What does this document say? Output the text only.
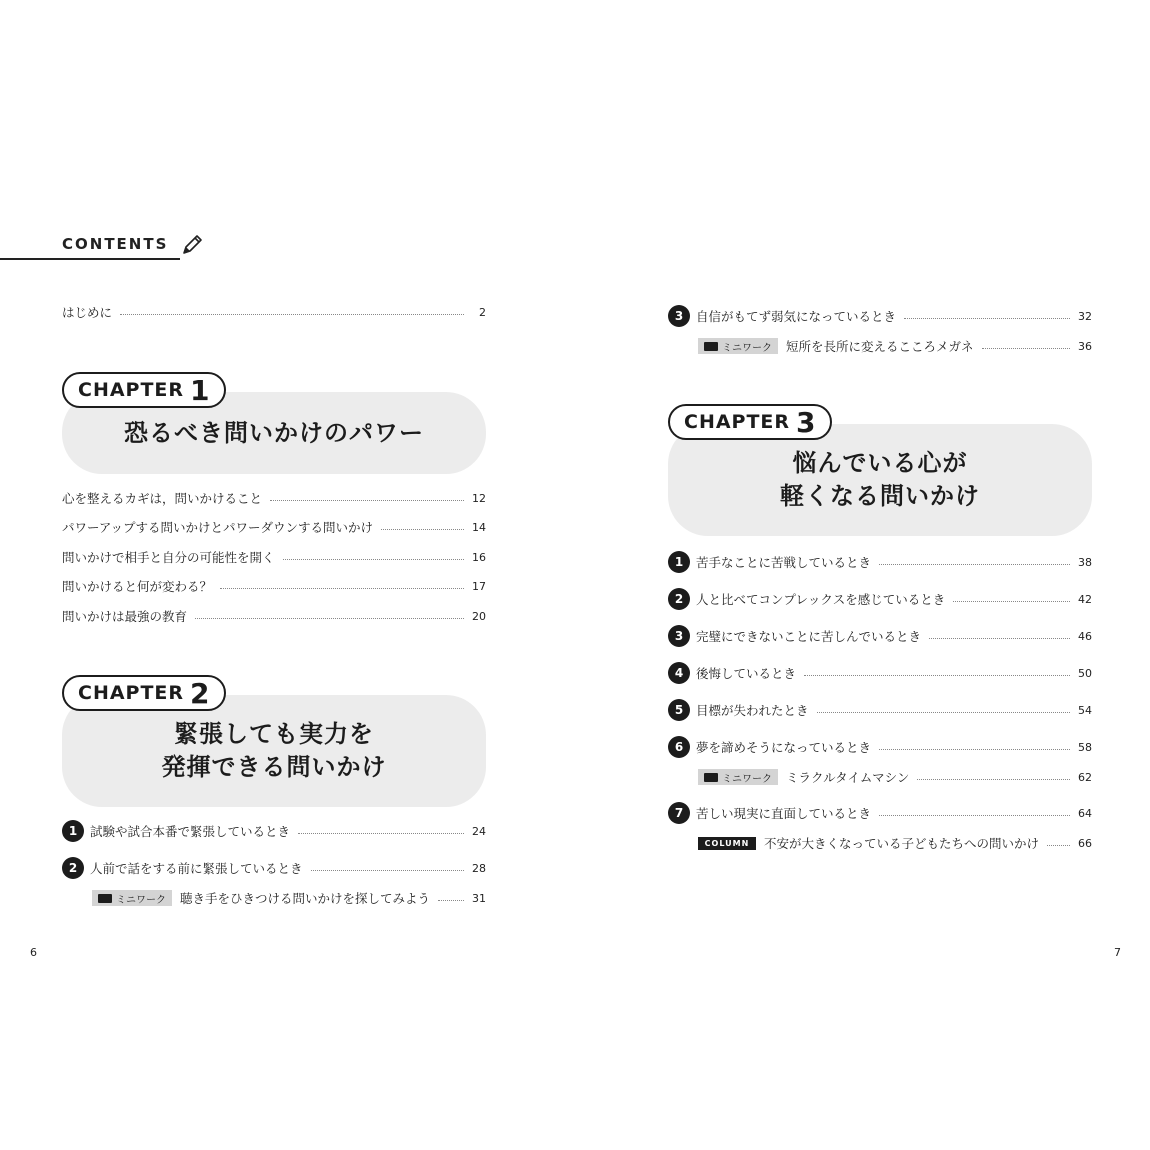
CONTENTS
はじめに	2
恐るべき問いかけのパワー
CHAPTER 1
心を整えるカギは，問いかけること	12
パワーアップする問いかけとパワーダウンする問いかけ	14
問いかけで相手と自分の可能性を開く	16
問いかけると何が変わる？	17
問いかけは最強の教育	20
緊張しても実力を
発揮できる問いかけ
CHAPTER 2
1	試験や試合本番で緊張しているとき	24
2	人前で話をする前に緊張しているとき	28
ミニワーク 聴き手をひきつける問いかけを探してみよう	31
3	自信がもてず弱気になっているとき	32
ミニワーク 短所を長所に変えるこころメガネ	36
悩んでいる心が
軽くなる問いかけ
CHAPTER 3
1	苦手なことに苦戦しているとき	38
2	人と比べてコンプレックスを感じているとき	42
3	完璧にできないことに苦しんでいるとき	46
4	後悔しているとき	50
5	目標が失われたとき	54
6	夢を諦めそうになっているとき	58
ミニワーク ミラクルタイムマシン	62
7	苦しい現実に直面しているとき	64
COLUMN	不安が大きくなっている子どもたちへの問いかけ	66
6	7
